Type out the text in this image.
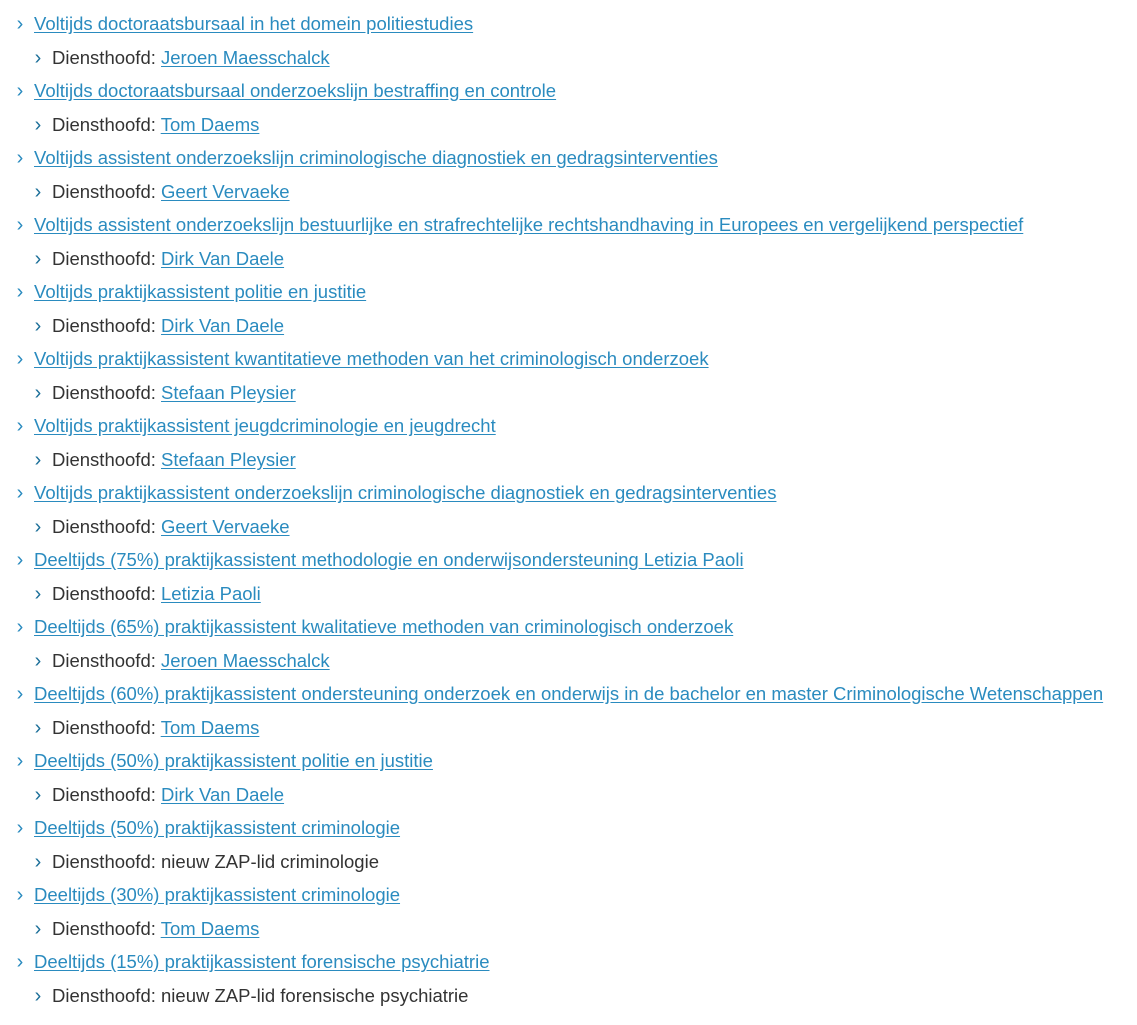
› Voltijds doctoraatsbursaal in het domein politiestudies
› Diensthoofd: Jeroen Maesschalck
› Voltijds doctoraatsbursaal onderzoekslijn bestraffing en controle
› Diensthoofd: Tom Daems
› Voltijds assistent onderzoekslijn criminologische diagnostiek en gedragsinterventies
› Diensthoofd: Geert Vervaeke
› Voltijds assistent onderzoekslijn bestuurlijke en strafrechtelijke rechtshandhaving in Europees en vergelijkend perspectief
› Diensthoofd: Dirk Van Daele
› Voltijds praktijkassistent politie en justitie
› Diensthoofd: Dirk Van Daele
› Voltijds praktijkassistent kwantitatieve methoden van het criminologisch onderzoek
› Diensthoofd: Stefaan Pleysier
› Voltijds praktijkassistent jeugdcriminologie en jeugdrecht
› Diensthoofd: Stefaan Pleysier
› Voltijds praktijkassistent onderzoekslijn criminologische diagnostiek en gedragsinterventies
› Diensthoofd: Geert Vervaeke
› Deeltijds (75%) praktijkassistent methodologie en onderwijsondersteuning Letizia Paoli
› Diensthoofd: Letizia Paoli
› Deeltijds (65%) praktijkassistent kwalitatieve methoden van criminologisch onderzoek
› Diensthoofd: Jeroen Maesschalck
› Deeltijds (60%) praktijkassistent ondersteuning onderzoek en onderwijs in de bachelor en master Criminologische Wetenschappen
› Diensthoofd: Tom Daems
› Deeltijds (50%) praktijkassistent politie en justitie
› Diensthoofd: Dirk Van Daele
› Deeltijds (50%) praktijkassistent criminologie
› Diensthoofd: nieuw ZAP-lid criminologie
› Deeltijds (30%) praktijkassistent criminologie
› Diensthoofd: Tom Daems
› Deeltijds (15%) praktijkassistent forensische psychiatrie
› Diensthoofd: nieuw ZAP-lid forensische psychiatrie
